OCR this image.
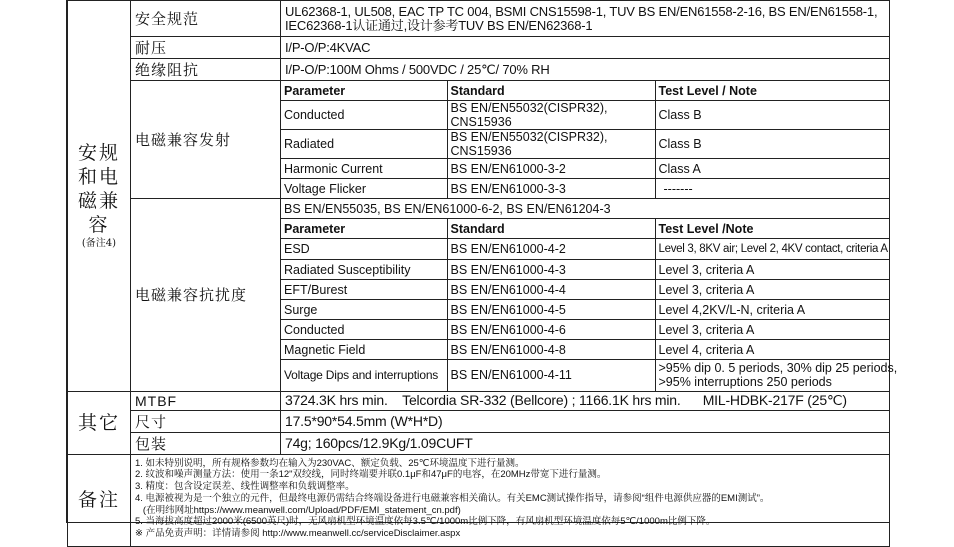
安规和电磁兼容
(备注4)
	安全规范	UL62368-1, UL508, EAC TP TC 004, BSMI CNS15598-1, TUV BS EN/EN61558-2-16, BS EN/EN61558-1,
IEC62368-1认证通过,设计参考TUV BS EN/EN62368-1

耐压	I/P-O/P:4KVAC
绝缘阻抗	I/P-O/P:100M Ohms / 500VDC / 25℃/ 70% RH
电磁兼容发射	
Parameter	Standard	Test Level / Note
Conducted	BS EN/EN55032(CISPR32), CNS15936	Class B
Radiated	BS EN/EN55032(CISPR32), CNS15936	Class B
Harmonic Current	BS EN/EN61000-3-2	Class A
Voltage Flicker	BS EN/EN61000-3-3	-------

电磁兼容抗扰度	
BS EN/EN55035, BS EN/EN61000-6-2, BS EN/EN61204-3
Parameter	Standard	Test Level /Note
ESD	BS EN/EN61000-4-2	Level 3, 8KV air; Level 2, 4KV contact, criteria A
Radiated Susceptibility	BS EN/EN61000-4-3	Level 3, criteria A
EFT/Burest	BS EN/EN61000-4-4	Level 3, criteria A
Surge	BS EN/EN61000-4-5	Level 4,2KV/L-N, criteria A
Conducted	BS EN/EN61000-4-6	Level 3, criteria A
Magnetic Field	BS EN/EN61000-4-8	Level 4, criteria A
Voltage Dips and interruptions	BS EN/EN61000-4-11	>95% dip 0. 5 periods, 30% dip 25 periods,
>95% interruptions 250 periods

其它	MTBF	3724.3K hrs min.    Telcordia SR-332 (Bellcore) ; 1166.1K hrs min.      MIL-HDBK-217F (25℃)
尺寸	17.5*90*54.5mm (W*H*D)
包装	74g; 160pcs/12.9Kg/1.09CUFT
备注	
1. 如未特别说明，所有规格参数均在输入为230VAC、额定负载、25℃环境温度下进行量测。
2. 纹波和噪声测量方法：使用一条12"双绞线，同时终端要并联0.1μF和47μF的电容，在20MHz带宽下进行量测。
3. 精度：包含设定误差、线性调整率和负载调整率。
4. 电源被视为是一个独立的元件，但最终电源仍需结合终端设备进行电磁兼容相关确认。有关EMC测试操作指导，请参阅“组件电源供应器的EMI测试”。
(在明纬网址https://www.meanwell.com/Upload/PDF/EMI_statement_cn.pdf)
5. 当海拔高度超过2000米(6500英尺)时，无风扇机型环境温度依每3.5℃/1000m比例下降，有风扇机型环境温度依每5℃/1000m比例下降。
※ 产品免责声明：详情请参阅 http://www.meanwell.cc/serviceDisclaimer.aspx
